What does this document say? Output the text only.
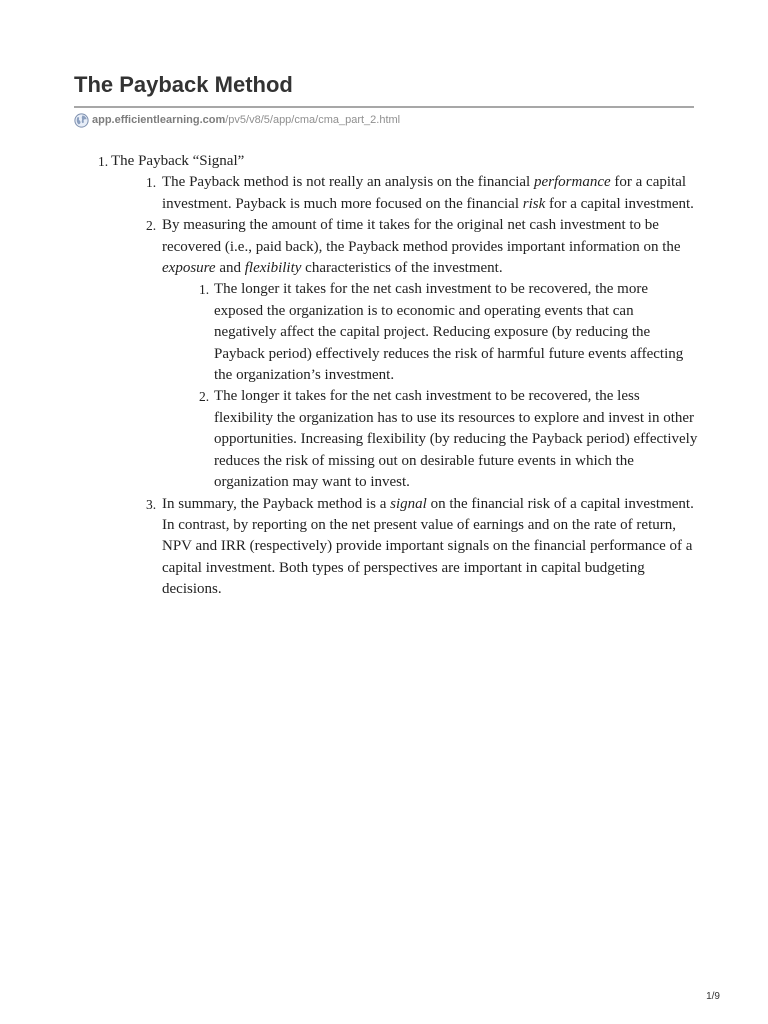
The Payback Method
app.efficientlearning.com /pv5/v8/5/app/cma/cma_part_2.html
1. The Payback “Signal”
1. The Payback method is not really an analysis on the financial performance for a capital investment. Payback is much more focused on the financial risk for a capital investment.
2. By measuring the amount of time it takes for the original net cash investment to be recovered (i.e., paid back), the Payback method provides important information on the exposure and flexibility characteristics of the investment.
1. The longer it takes for the net cash investment to be recovered, the more exposed the organization is to economic and operating events that can negatively affect the capital project. Reducing exposure (by reducing the Payback period) effectively reduces the risk of harmful future events affecting the organization’s investment.
2. The longer it takes for the net cash investment to be recovered, the less flexibility the organization has to use its resources to explore and invest in other opportunities. Increasing flexibility (by reducing the Payback period) effectively reduces the risk of missing out on desirable future events in which the organization may want to invest.
3. In summary, the Payback method is a signal on the financial risk of a capital investment. In contrast, by reporting on the net present value of earnings and on the rate of return, NPV and IRR (respectively) provide important signals on the financial performance of a capital investment. Both types of perspectives are important in capital budgeting decisions.
1/9
